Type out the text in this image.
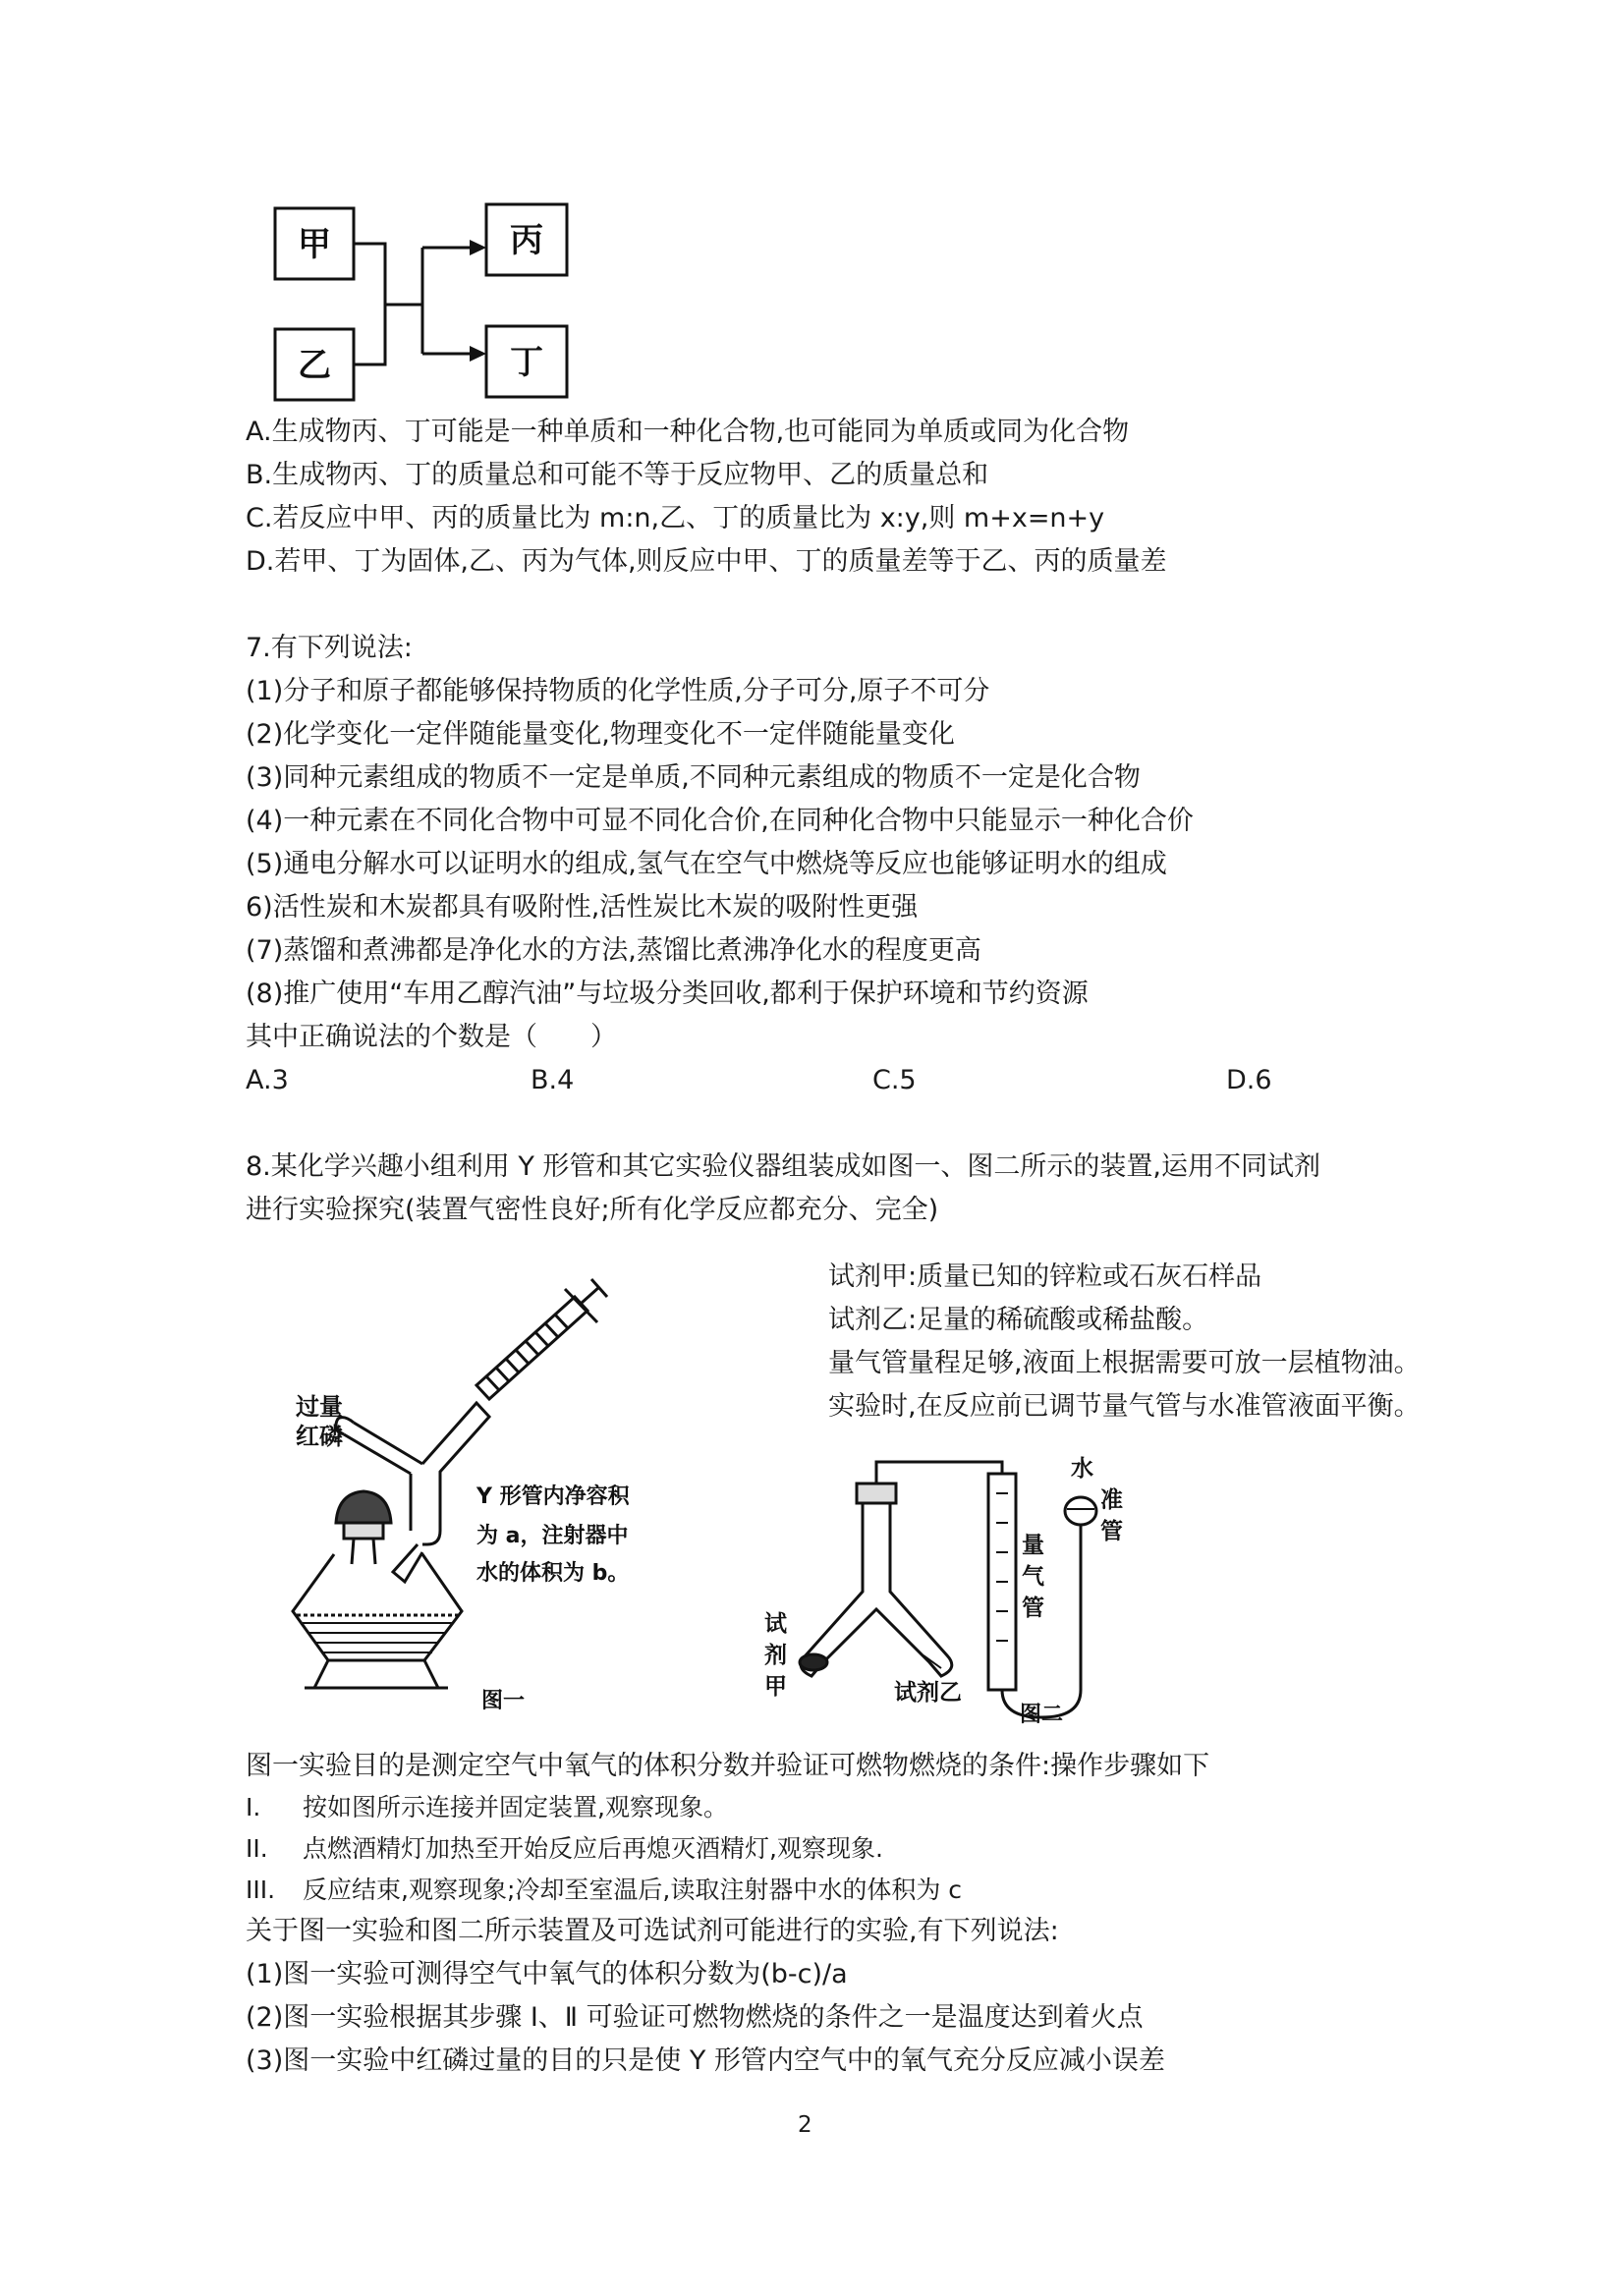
甲
乙
丙
丁
A.生成物丙、丁可能是一种单质和一种化合物,也可能同为单质或同为化合物
B.生成物丙、丁的质量总和可能不等于反应物甲、乙的质量总和
C.若反应中甲、丙的质量比为 m:n,乙、丁的质量比为 x:y,则 m+x=n+y
D.若甲、丁为固体,乙、丙为气体,则反应中甲、丁的质量差等于乙、丙的质量差
7.有下列说法:
(1)分子和原子都能够保持物质的化学性质,分子可分,原子不可分
(2)化学变化一定伴随能量变化,物理变化不一定伴随能量变化
(3)同种元素组成的物质不一定是单质,不同种元素组成的物质不一定是化合物
(4)一种元素在不同化合物中可显不同化合价,在同种化合物中只能显示一种化合价
(5)通电分解水可以证明水的组成,氢气在空气中燃烧等反应也能够证明水的组成
6)活性炭和木炭都具有吸附性,活性炭比木炭的吸附性更强
(7)蒸馏和煮沸都是净化水的方法,蒸馏比煮沸净化水的程度更高
(8)推广使用“车用乙醇汽油”与垃圾分类回收,都利于保护环境和节约资源
其中正确说法的个数是（　　）
A.3	B.4	C.5	D.6
8.某化学兴趣小组利用 Y 形管和其它实验仪器组装成如图一、图二所示的装置,运用不同试剂
进行实验探究(装置气密性良好;所有化学反应都充分、完全)
试剂甲:质量已知的锌粒或石灰石样品
试剂乙:足量的稀硫酸或稀盐酸。
量气管量程足够,液面上根据需要可放一层植物油。
实验时,在反应前已调节量气管与水准管液面平衡。
过量
红磷
Y 形管内净容积
为 a，注射器中
水的体积为 b。
图一
试
剂
甲	试剂乙
量
气
管
水
准
管
图二
图一实验目的是测定空气中氧气的体积分数并验证可燃物燃烧的条件:操作步骤如下
I. 按如图所示连接并固定装置,观察现象。
II. 点燃酒精灯加热至开始反应后再熄灭酒精灯,观察现象.
III. 反应结束,观察现象;冷却至室温后,读取注射器中水的体积为 c
关于图一实验和图二所示装置及可选试剂可能进行的实验,有下列说法:
(1)图一实验可测得空气中氧气的体积分数为(b-c)/a
(2)图一实验根据其步骤 Ⅰ、Ⅱ 可验证可燃物燃烧的条件之一是温度达到着火点
(3)图一实验中红磷过量的目的只是使 Y 形管内空气中的氧气充分反应减小误差
2
